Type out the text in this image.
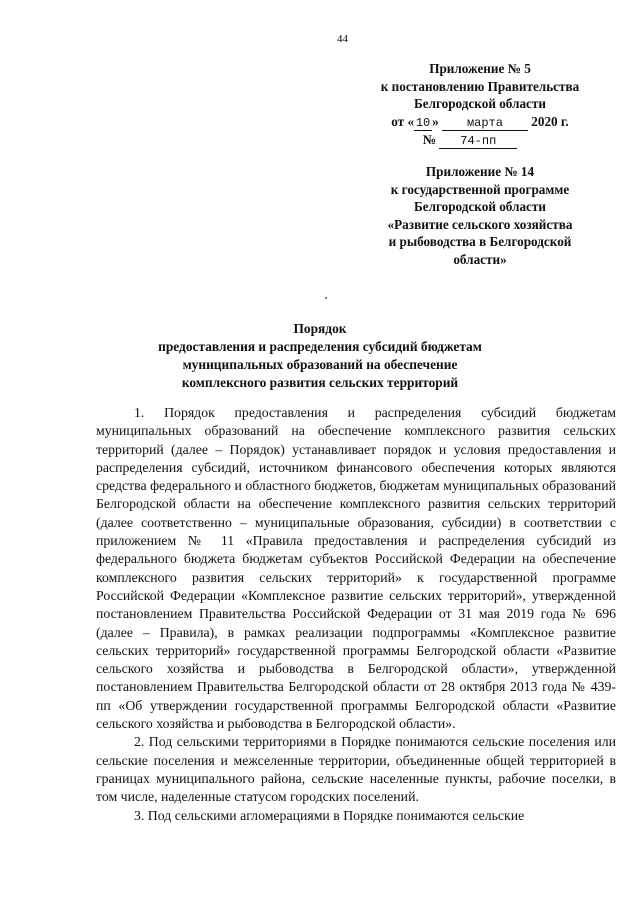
44
Приложение № 5
к постановлению Правительства
Белгородской области
от « 10 » марта 2020 г.
№ 74-пп
Приложение № 14
к государственной программе
Белгородской области
«Развитие сельского хозяйства
и рыбоводства в Белгородской
области»
Порядок
предоставления и распределения субсидий бюджетам
муниципальных образований на обеспечение
комплексного развития сельских территорий

1. Порядок предоставления и распределения субсидий бюджетам муниципальных образований на обеспечение комплексного развития сельских территорий (далее – Порядок) устанавливает порядок и условия предоставления и распределения субсидий, источником финансового обеспечения которых являются средства федерального и областного бюджетов, бюджетам муниципальных образований Белгородской области на обеспечение комплексного развития сельских территорий (далее соответственно – муниципальные образования, субсидии) в соответствии с приложением № 11 «Правила предоставления и распределения субсидий из федерального бюджета бюджетам субъектов Российской Федерации на обеспечение комплексного развития сельских территорий» к государственной программе Российской Федерации «Комплексное развитие сельских территорий», утвержденной постановлением Правительства Российской Федерации от 31 мая 2019 года № 696 (далее – Правила), в рамках реализации подпрограммы «Комплексное развитие сельских территорий» государственной программы Белгородской области «Развитие сельского хозяйства и рыбоводства в Белгородской области», утвержденной постановлением Правительства Белгородской области от 28 октября 2013 года № 439-пп «Об утверждении государственной программы Белгородской области «Развитие сельского хозяйства и рыбоводства в Белгородской области».

2. Под сельскими территориями в Порядке понимаются сельские поселения или сельские поселения и межселенные территории, объединенные общей территорией в границах муниципального района, сельские населенные пункты, рабочие поселки, в том числе, наделенные статусом городских поселений.

3. Под сельскими агломерациями в Порядке понимаются сельские
